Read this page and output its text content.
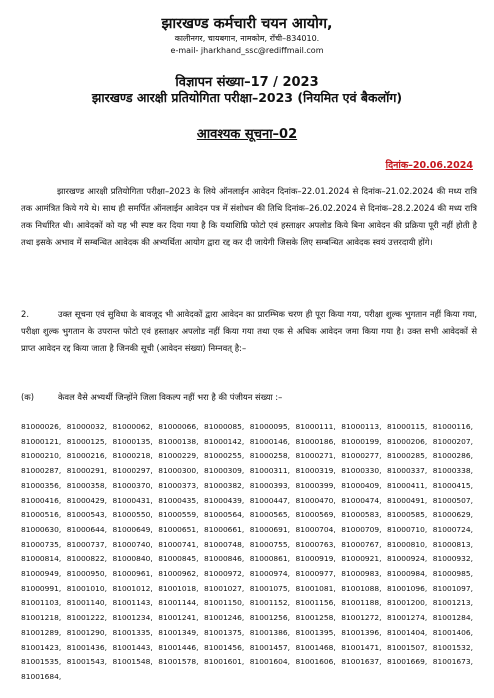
झारखण्ड कर्मचारी चयन आयोग,
कालीनगर, चायबगान, नामकोम, राँची–834010.
e-mail- jharkhand_ssc@rediffmail.com
विज्ञापन संख्या–17 / 2023
झारखण्ड आरक्षी प्रतियोगिता परीक्षा–2023 (नियमित एवं बैकलॉग)
आवश्यक सूचना–02
दिनांक–20.06.2024
झारखण्ड आरक्षी प्रतियोगिता परीक्षा–2023 के लिये ऑनलाईन आवेदन दिनांक–22.01.2024 से दिनांक–21.02.2024 की मध्य रात्रि तक आमंत्रित किये गये थे। साथ ही समर्पित ऑनलाईन आवेदन पत्र में संशोधन की तिथि दिनांक–26.02.2024 से दिनांक–28.2.2024 की मध्य रात्रि तक निर्धारित थी। आवेदकों को यह भी स्पष्ट कर दिया गया है कि यथाशिघ्रि फोटो एवं हस्ताक्षर अपलोड किये बिना आवेदन की प्रक्रिया पूरी नहीं होती है तथा इसके अभाव में सम्बन्धित आवेदक की अभ्यर्थिता आयोग द्वारा रद्द कर दी जायेगी जिसके लिए सम्बन्धित आवेदक स्वयं उत्तरदायी होंगे।
2.	उक्त सूचना एवं सुविधा के बावजूद भी आवेदकों द्वारा आवेदन का प्रारम्भिक चरण ही पूरा किया गया, परीक्षा शुल्क भुगतान नहीं किया गया, परीक्षा शुल्क भुगतान के उपरान्त फोटो एवं हस्ताक्षर अपलोड नहीं किया गया तथा एक से अधिक आवेदन जमा किया गया है। उक्त सभी आवेदकों से प्राप्त आवेदन रद्द किया जाता है जिनकी सूची (आवेदन संख्या) निम्नवत् है:–
(क)	केवल वैसे अभ्यर्थी जिन्होंने जिला विकल्प नहीं भरा है की पंजीयन संख्या :–
81000026, 81000032, 81000062, 81000066, 81000085, 81000095, 81000111, 81000113, 81000115, 81000116, 81000121, 81000125, 81000135, 81000138, 81000142, 81000146, 81000186, 81000199, 81000206, 81000207, 81000210, 81000216, 81000218, 81000229, 81000255, 81000258, 81000271, 81000277, 81000285, 81000286, 81000287, 81000291, 81000297, 81000300, 81000309, 81000311, 81000319, 81000330, 81000337, 81000338, 81000356, 81000358, 81000370, 81000373, 81000382, 81000393, 81000399, 81000409, 81000411, 81000415, 81000416, 81000429, 81000431, 81000435, 81000439, 81000447, 81000470, 81000474, 81000491, 81000507, 81000516, 81000543, 81000550, 81000559, 81000564, 81000565, 81000569, 81000583, 81000585, 81000629, 81000630, 81000644, 81000649, 81000651, 81000661, 81000691, 81000704, 81000709, 81000710, 81000724, 81000735, 81000737, 81000740, 81000741, 81000748, 81000755, 81000763, 81000767, 81000810, 81000813, 81000814, 81000822, 81000840, 81000845, 81000846, 81000861, 81000919, 81000921, 81000924, 81000932, 81000949, 81000950, 81000961, 81000962, 81000972, 81000974, 81000977, 81000983, 81000984, 81000985, 81000991, 81001010, 81001012, 81001018, 81001027, 81001075, 81001081, 81001088, 81001096, 81001097, 81001103, 81001140, 81001143, 81001144, 81001150, 81001152, 81001156, 81001188, 81001200, 81001213, 81001218, 81001222, 81001234, 81001241, 81001246, 81001256, 81001258, 81001272, 81001274, 81001284, 81001289, 81001290, 81001335, 81001349, 81001375, 81001386, 81001395, 81001396, 81001404, 81001406, 81001423, 81001436, 81001443, 81001446, 81001456, 81001457, 81001468, 81001471, 81001507, 81001532, 81001535, 81001543, 81001548, 81001578, 81001601, 81001604, 81001606, 81001637, 81001669, 81001673, 81001684,
